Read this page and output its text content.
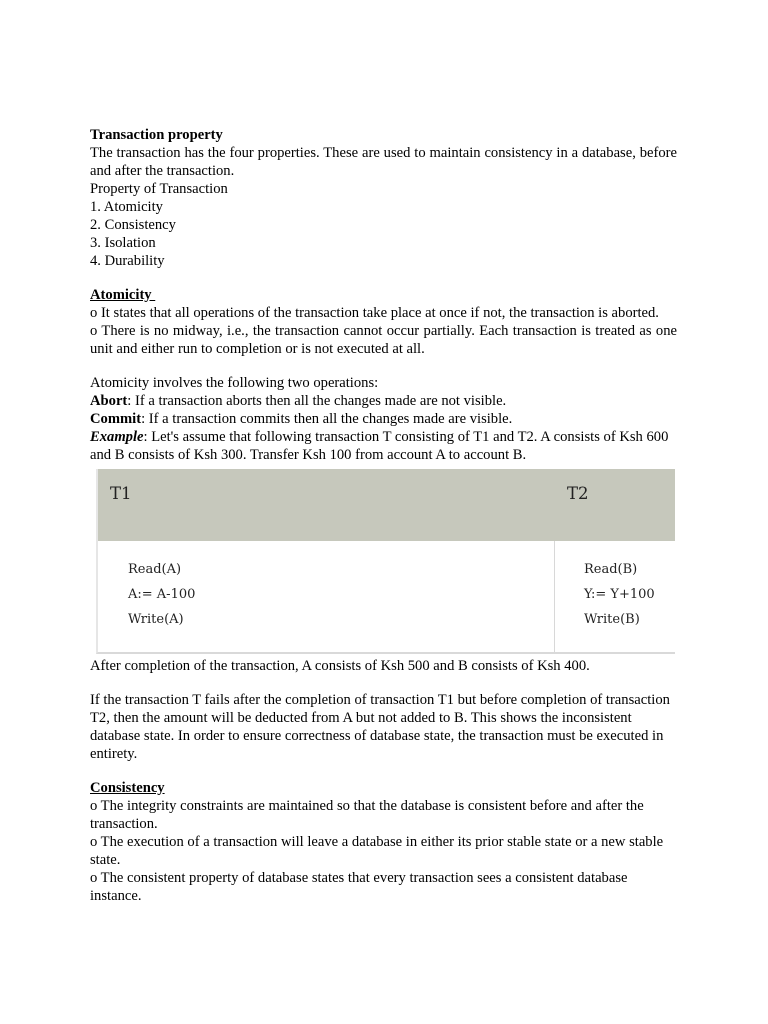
Transaction property

The transaction has the four properties. These are used to maintain consistency in a database, before and after the transaction.

Property of Transaction

1. Atomicity

2. Consistency

3. Isolation

4. Durability

Atomicity

o It states that all operations of the transaction take place at once if not, the transaction is aborted.

o There is no midway, i.e., the transaction cannot occur partially. Each transaction is treated as one unit and either run to completion or is not executed at all.

Atomicity involves the following two operations:

Abort: If a transaction aborts then all the changes made are not visible.

Commit: If a transaction commits then all the changes made are visible.

Example: Let's assume that following transaction T consisting of T1 and T2. A consists of Ksh 600 and B consists of Ksh 300. Transfer Ksh 100 from account A to account B.

T1	T2
Read(A)
A:= A-100
Write(A)
Read(B)
Y:= Y+100
Write(B)

After completion of the transaction, A consists of Ksh 500 and B consists of Ksh 400.

If the transaction T fails after the completion of transaction T1 but before completion of transaction T2, then the amount will be deducted from A but not added to B. This shows the inconsistent database state. In order to ensure correctness of database state, the transaction must be executed in entirety.

Consistency

o The integrity constraints are maintained so that the database is consistent before and after the transaction.

o The execution of a transaction will leave a database in either its prior stable state or a new stable state.

o The consistent property of database states that every transaction sees a consistent database instance.
